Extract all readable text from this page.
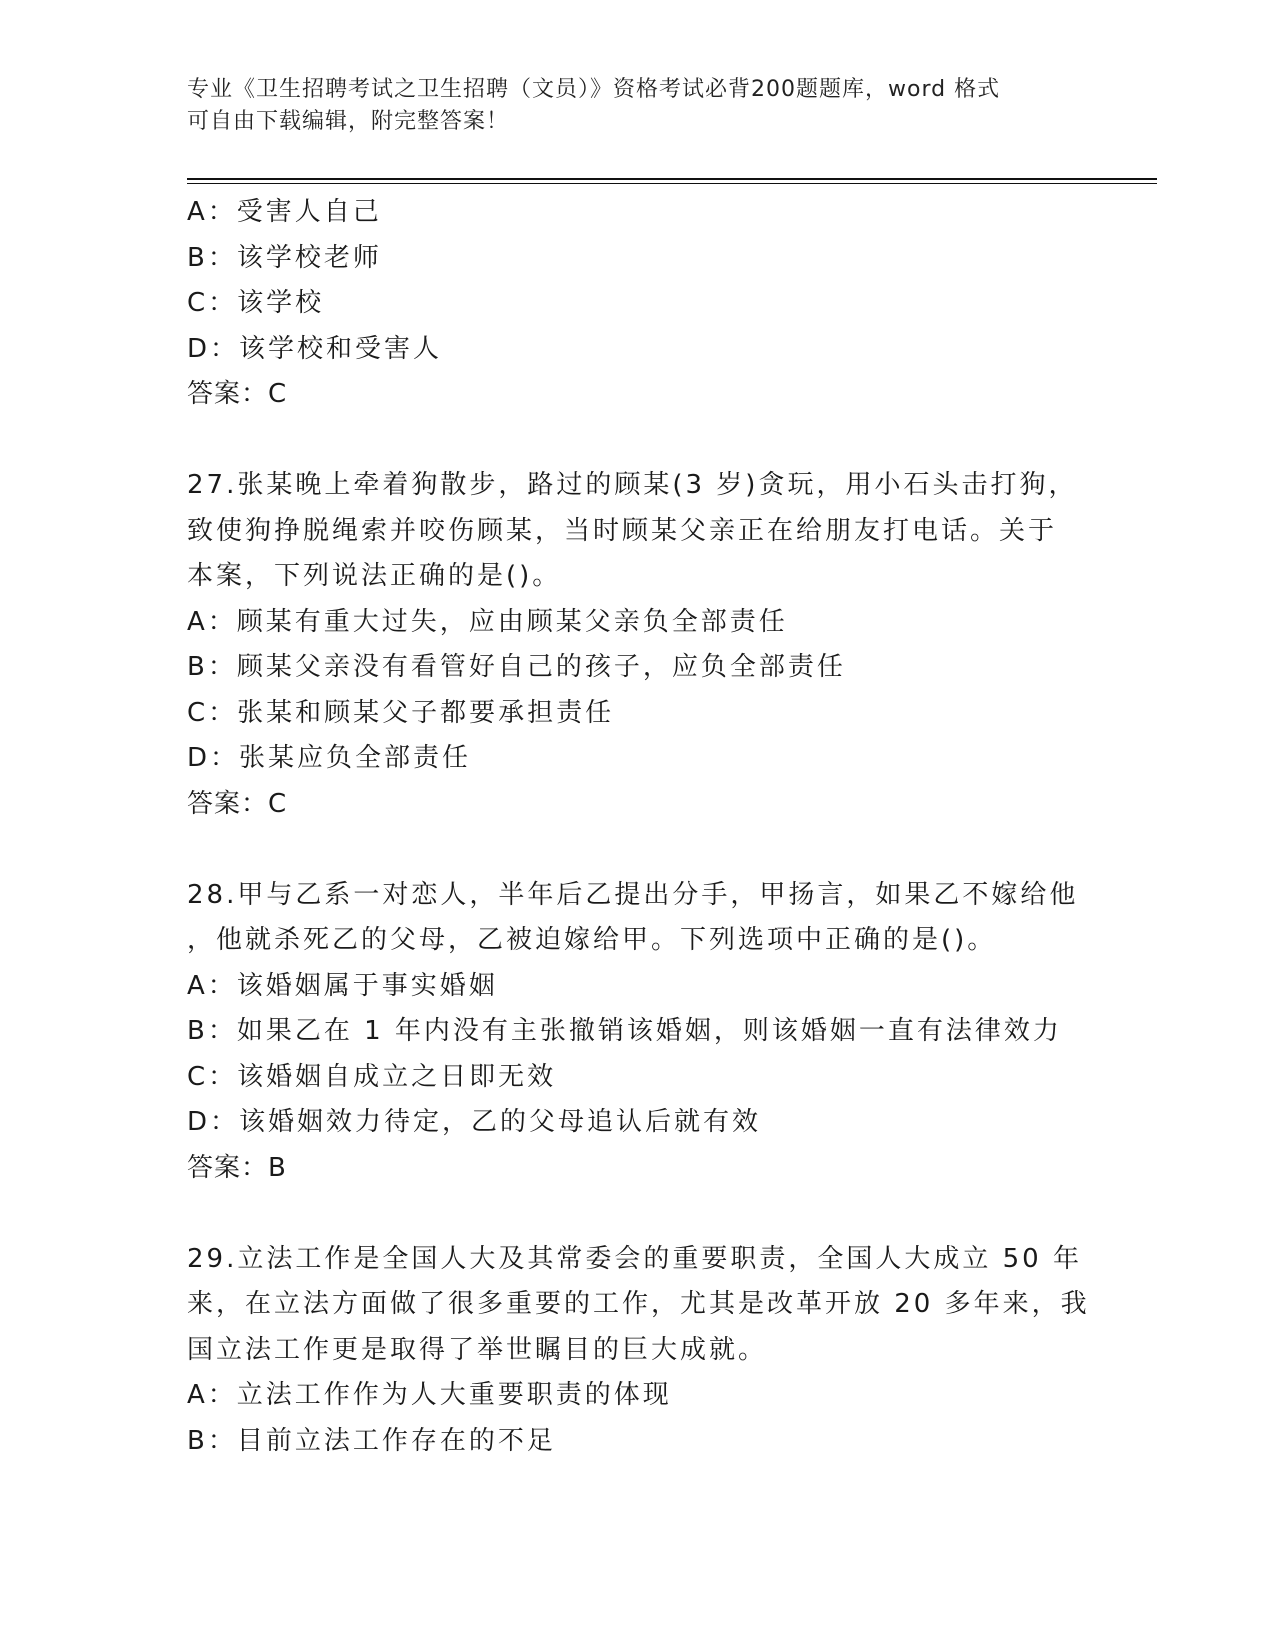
专业《卫生招聘考试之卫生招聘（文员）》资格考试必背200题题库，word 格式
可自由下载编辑，附完整答案！
A：受害人自己
B：该学校老师
C：该学校
D：该学校和受害人
答案：C
27.张某晚上牵着狗散步，路过的顾某(3 岁)贪玩，用小石头击打狗，
致使狗挣脱绳索并咬伤顾某，当时顾某父亲正在给朋友打电话。关于
本案，下列说法正确的是()。
A：顾某有重大过失，应由顾某父亲负全部责任
B：顾某父亲没有看管好自己的孩子，应负全部责任
C：张某和顾某父子都要承担责任
D：张某应负全部责任
答案：C
28.甲与乙系一对恋人，半年后乙提出分手，甲扬言，如果乙不嫁给他
，他就杀死乙的父母，乙被迫嫁给甲。下列选项中正确的是()。
A：该婚姻属于事实婚姻
B：如果乙在 1 年内没有主张撤销该婚姻，则该婚姻一直有法律效力
C：该婚姻自成立之日即无效
D：该婚姻效力待定，乙的父母追认后就有效
答案：B
29.立法工作是全国人大及其常委会的重要职责，全国人大成立 50 年
来，在立法方面做了很多重要的工作，尤其是改革开放 20 多年来，我
国立法工作更是取得了举世瞩目的巨大成就。
A：立法工作作为人大重要职责的体现
B：目前立法工作存在的不足
